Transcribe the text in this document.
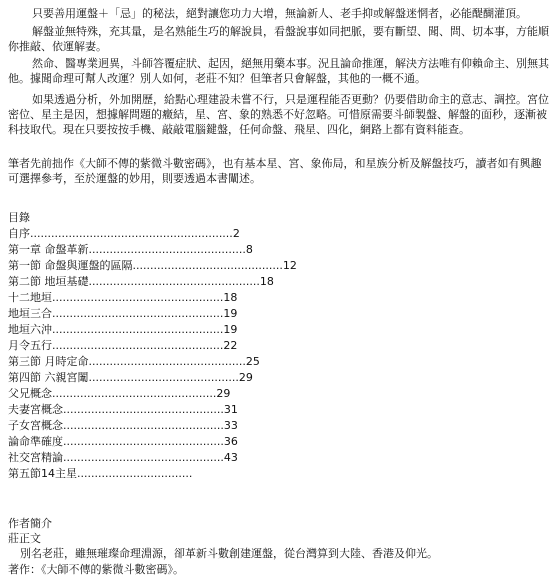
只要善用運盤＋「忌」的秘法，絕對讓您功力大增，無論新人、老手抑或解盤迷惘者，必能醍醐灌頂。

解盤並無特殊，充其量，是名熟能生巧的解說員，看盤說事如同把脈，要有斷望、聞、問、切本事，方能順你推敲、依運解妻。

然命、醫專業迥異，斗師答覆症狀、起因，絕無用藥本事。況且論命推運，解決方法唯有仰賴命主、別無其他。據聞命理可幫人改運？別人如何，老莊不知？但筆者只會解盤，其他的一概不通。

如果透過分析，外加開歷，給點心理建設未嘗不行，只是運程能否更動？仍要借助命主的意志、調控。宮位密位、星主是因，想據解問題的癥結，星、宮、象的熟悉不好忽略。可惜原需要斗師製盤、解盤的面秒，逐漸被科技取代。現在只要按按手機、敲敲電腦鍵盤，任何命盤、飛星、四化，網路上都有資料能查。

筆者先前拙作《大師不傳的紫微斗數密碼》，也有基本星、宮、象佈局，和星族分析及解盤技巧，讀者如有興趣可選擇參考，至於運盤的妙用，則要透過本書闡述。

目錄
自序 .......................................................... 2
第一章 命盤革新 ............................................. 8
第一節 命盤與運盤的區隔 ........................................... 12
第二節 地垣基礎 ................................................. 18
十二地垣 ................................................. 18
地垣三合 ................................................. 19
地垣六沖 ................................................. 19
月令五行 ................................................. 22
第三節 月時定命 ............................................. 25
第四節 六親宮闈 ........................................... 29
父兄概念 ............................................... 29
夫妻宮概念 .............................................. 31
子女宮概念 .............................................. 33
論命準確度 .............................................. 36
社交宮精論 .............................................. 43
第五節14主星 .................................
作者簡介
莊正文
別名老莊，雖無璀璨命理淵源，卻革新斗數創建運盤，從台灣算到大陸、香港及仰光。
著作：《大師不傳的紫微斗數密碼》。
